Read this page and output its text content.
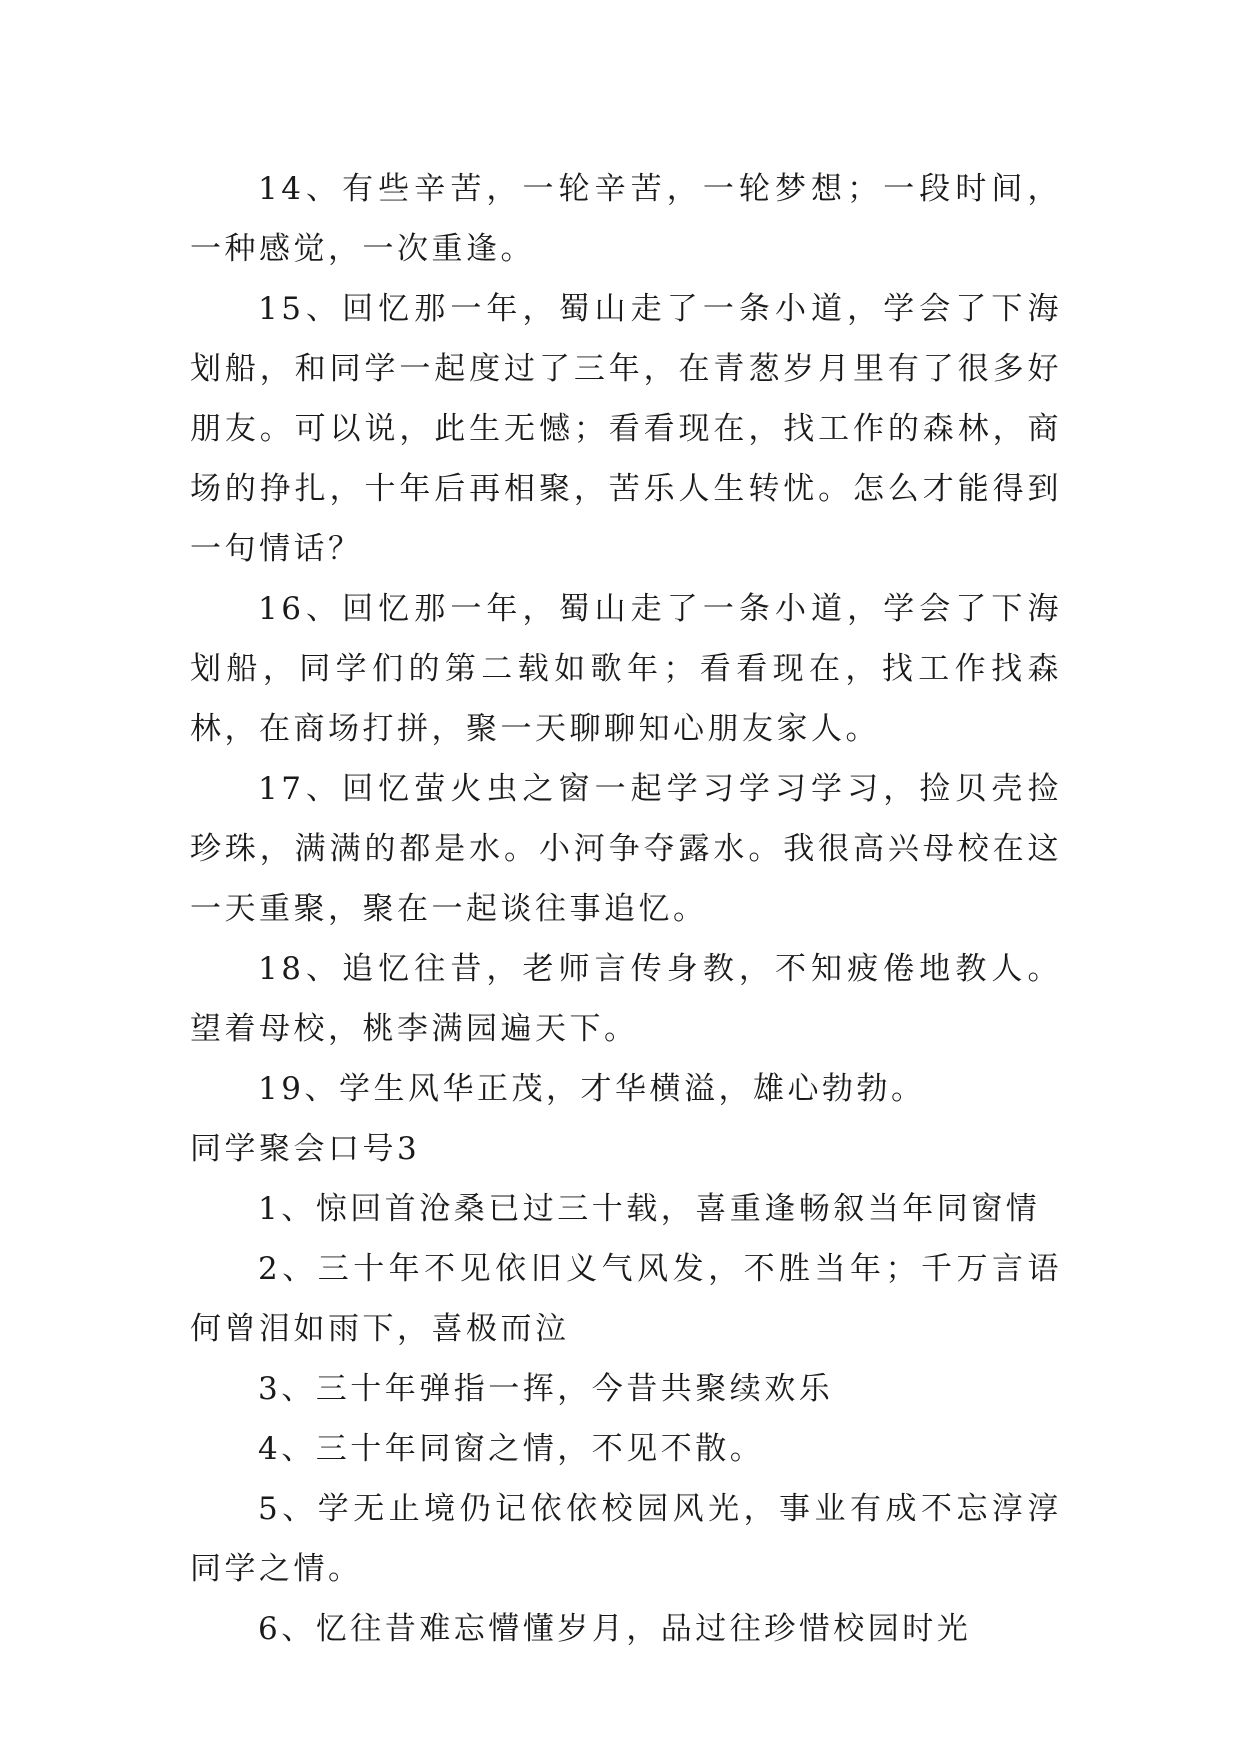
14、有些辛苦，一轮辛苦，一轮梦想；一段时间，一种感觉，一次重逢。

15、回忆那一年，蜀山走了一条小道，学会了下海划船，和同学一起度过了三年，在青葱岁月里有了很多好朋友。可以说，此生无憾；看看现在，找工作的森林，商场的挣扎，十年后再相聚，苦乐人生转忧。怎么才能得到一句情话？

16、回忆那一年，蜀山走了一条小道，学会了下海划船，同学们的第二载如歌年；看看现在，找工作找森林，在商场打拼，聚一天聊聊知心朋友家人。

17、回忆萤火虫之窗一起学习学习学习，捡贝壳捡珍珠，满满的都是水。小河争夺露水。我很高兴母校在这一天重聚，聚在一起谈往事追忆。

18、追忆往昔，老师言传身教，不知疲倦地教人。望着母校，桃李满园遍天下。

19、学生风华正茂，才华横溢，雄心勃勃。

同学聚会口号3

1、惊回首沧桑已过三十载，喜重逢畅叙当年同窗情

2、三十年不见依旧义气风发，不胜当年；千万言语何曾泪如雨下，喜极而泣

3、三十年弹指一挥，今昔共聚续欢乐

4、三十年同窗之情，不见不散。

5、学无止境仍记依依校园风光，事业有成不忘淳淳同学之情。

6、忆往昔难忘懵懂岁月，品过往珍惜校园时光
